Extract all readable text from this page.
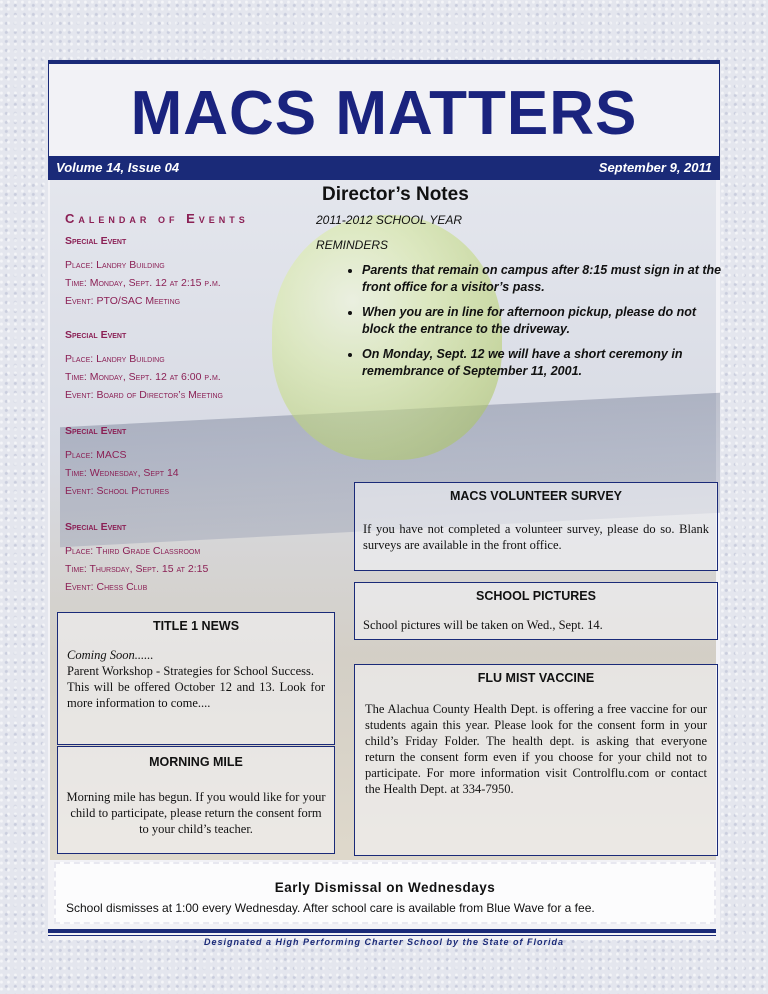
MACS MATTERS
Volume 14, Issue 04	September 9, 2011
Director’s Notes
2011-2012 SCHOOL YEAR
REMINDERS
• Parents that remain on campus after 8:15 must sign in at the front office for a visitor’s pass.
• When you are in line for afternoon pickup, please do not block the entrance to the driveway.
• On Monday, Sept. 12 we will have a short ceremony in remembrance of September 11, 2001.
Calendar of Events
Special Event
Place: Landry Building
Time: Monday, Sept. 12 at 2:15 p.m.
Event: PTO/SAC Meeting
Special Event
Place: Landry Building
Time: Monday, Sept. 12 at 6:00 p.m.
Event: Board of Director’s Meeting
Special Event
Place: MACS
Time: Wednesday, Sept 14
Event: School Pictures
Special Event
Place: Third Grade Classroom
Time: Thursday, Sept. 15 at 2:15
Event: Chess Club
MACS VOLUNTEER SURVEY
If you have not completed a volunteer survey, please do so. Blank surveys are available in the front office.
SCHOOL PICTURES
School pictures will be taken on Wed., Sept. 14.
FLU MIST VACCINE
The Alachua County Health Dept. is offering a free vaccine for our students again this year. Please look for the consent form in your child’s Friday Folder. The health dept. is asking that everyone return the consent form even if you choose for your child not to participate. For more information visit Controlflu.com or contact the Health Dept. at 334-7950.
TITLE 1 NEWS
Coming Soon......
Parent Workshop - Strategies for School Success.
This will be offered October 12 and 13. Look for more information to come....
MORNING MILE
Morning mile has begun. If you would like for your child to participate, please return the consent form to your child’s teacher.
Early Dismissal on Wednesdays
School dismisses at 1:00 every Wednesday. After school care is available from Blue Wave for a fee.
Designated a High Performing Charter School by the State of Florida
